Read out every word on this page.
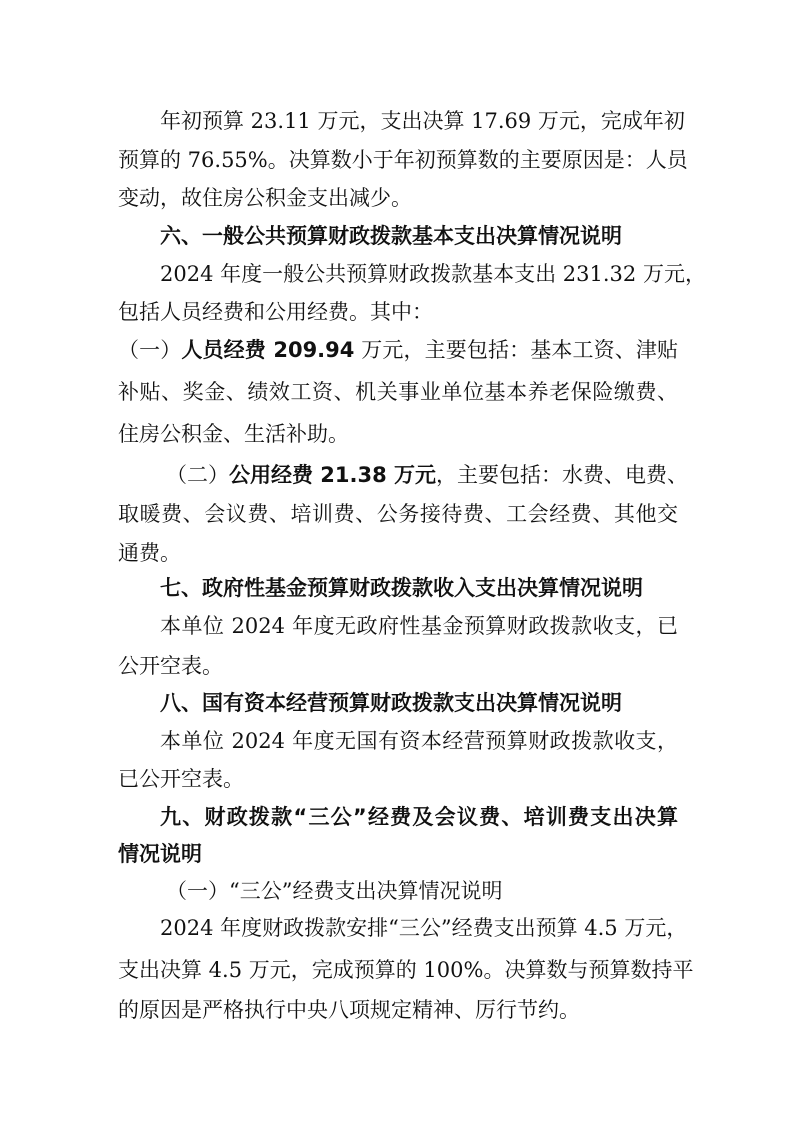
年初预算 23.11 万元，支出决算 17.69 万元，完成年初
预算的 76.55%。决算数小于年初预算数的主要原因是：人员
变动，故住房公积金支出减少。
六、一般公共预算财政拨款基本支出决算情况说明
2024 年度一般公共预算财政拨款基本支出 231.32 万元，
包括人员经费和公用经费。其中：
（一）人员经费 209.94 万元，主要包括：基本工资、津贴
补贴、奖金、绩效工资、机关事业单位基本养老保险缴费、
住房公积金、生活补助。
（二）公用经费 21.38 万元，主要包括：水费、电费、
取暖费、会议费、培训费、公务接待费、工会经费、其他交
通费。
七、政府性基金预算财政拨款收入支出决算情况说明
本单位 2024 年度无政府性基金预算财政拨款收支，已
公开空表。
八、国有资本经营预算财政拨款支出决算情况说明
本单位 2024 年度无国有资本经营预算财政拨款收支，
已公开空表。
九、财政拨款“三公”经费及会议费、培训费支出决算
情况说明
（一）“三公”经费支出决算情况说明
2024 年度财政拨款安排“三公”经费支出预算 4.5 万元，
支出决算 4.5 万元，完成预算的 100%。决算数与预算数持平
的原因是严格执行中央八项规定精神、厉行节约。
